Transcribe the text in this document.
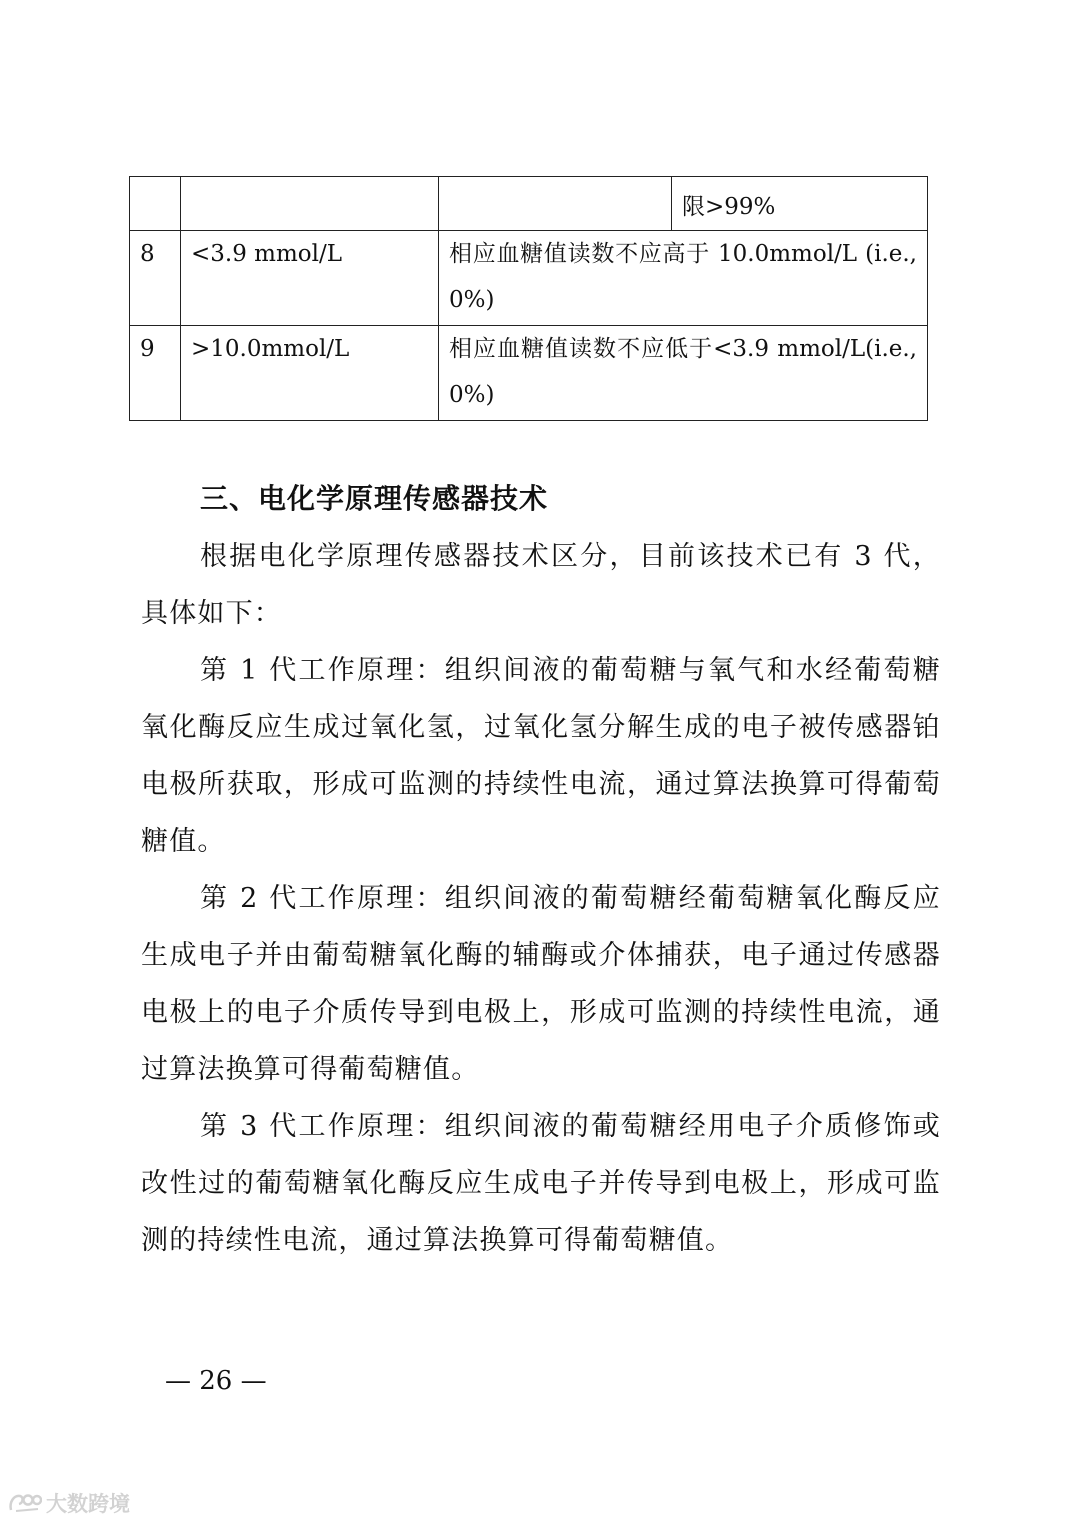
			限>99%
8	<3.9 mmol/L	相应血糖值读数不应高于 10.0mmol/L (i.e., 0%)	
9	>10.0mmol/L	相应血糖值读数不应低于<3.9 mmol/L(i.e., 0%)	
三、电化学原理传感器技术

根据电化学原理传感器技术区分，目前该技术已有 3 代，具体如下：

第 1 代工作原理：组织间液的葡萄糖与氧气和水经葡萄糖氧化酶反应生成过氧化氢，过氧化氢分解生成的电子被传感器铂电极所获取，形成可监测的持续性电流，通过算法换算可得葡萄糖值。

第 2 代工作原理：组织间液的葡萄糖经葡萄糖氧化酶反应生成电子并由葡萄糖氧化酶的辅酶或介体捕获，电子通过传感器电极上的电子介质传导到电极上，形成可监测的持续性电流，通过算法换算可得葡萄糖值。

第 3 代工作原理：组织间液的葡萄糖经用电子介质修饰或改性过的葡萄糖氧化酶反应生成电子并传导到电极上，形成可监测的持续性电流，通过算法换算可得葡萄糖值。

— 26 —
大数跨境
